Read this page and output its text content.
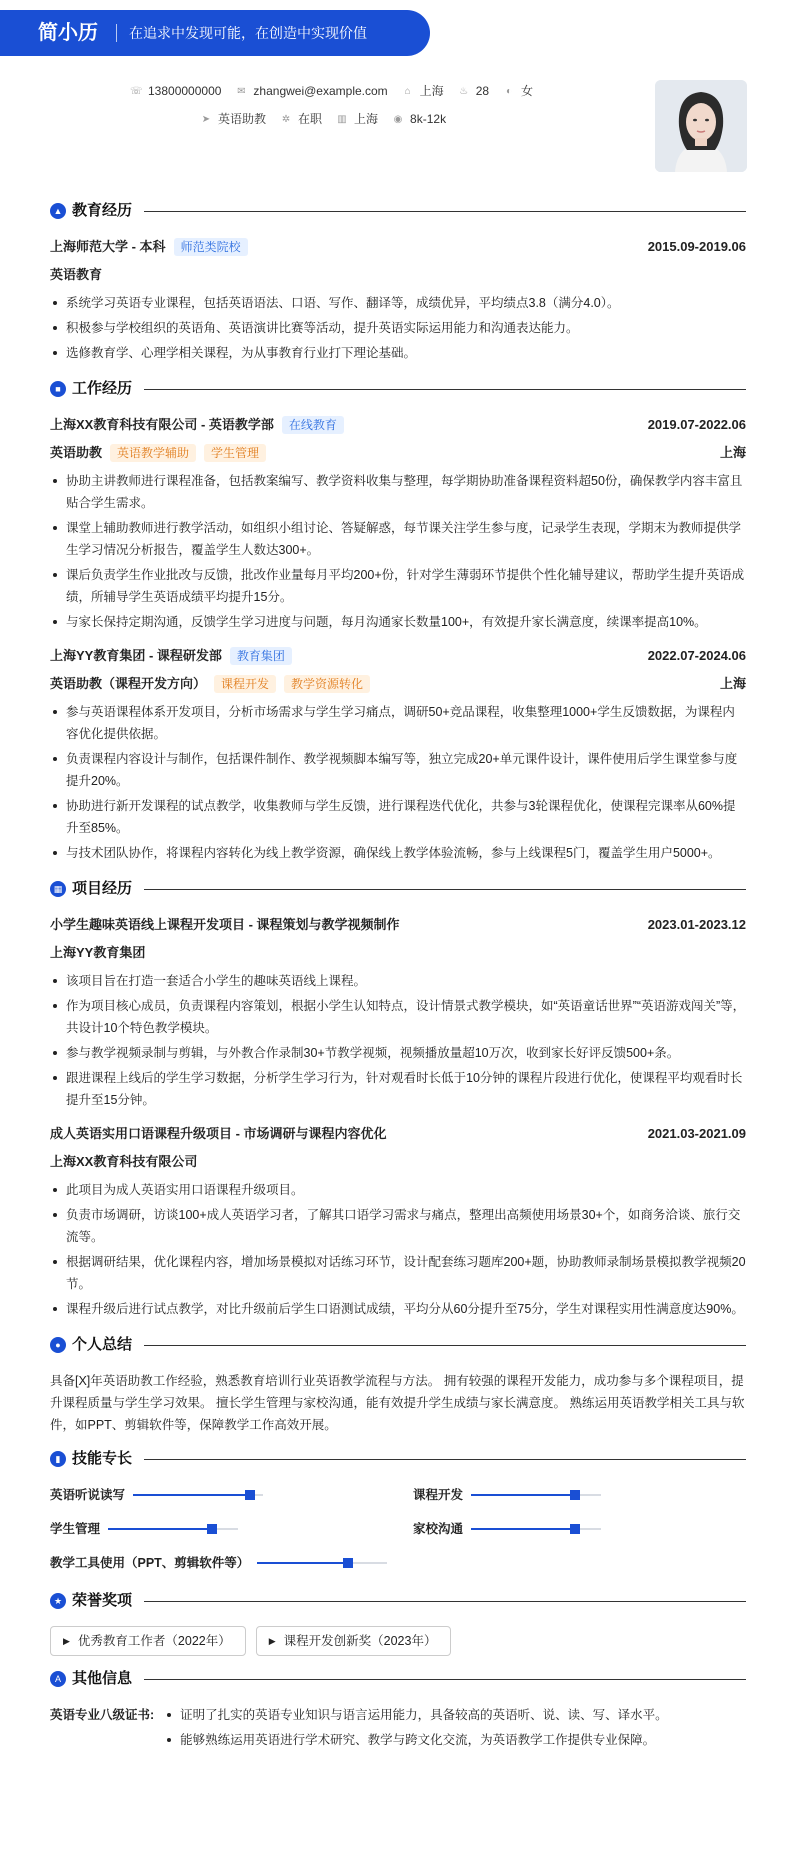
简小历	在追求中发现可能，在创造中实现价值
☏ 13800000000 ✉ zhangwei@example.com ⌂ 上海 ♨ 28 ◐ 女
➤ 英语助教 ✲ 在职 ▥ 上海 ◉ 8k-12k
▲ 教育经历
上海师范大学 - 本科	师范类院校	2015.09-2019.06
英语教育
系统学习英语专业课程，包括英语语法、口语、写作、翻译等，成绩优异，平均绩点3.8（满分4.0）。
积极参与学校组织的英语角、英语演讲比赛等活动，提升英语实际运用能力和沟通表达能力。
选修教育学、心理学相关课程，为从事教育行业打下理论基础。
■ 工作经历
上海XX教育科技有限公司 - 英语教学部	在线教育	2019.07-2022.06
英语助教	英语教学辅助	学生管理	上海
协助主讲教师进行课程准备，包括教案编写、教学资料收集与整理，每学期协助准备课程资料超50份，确保教学内容丰富且贴合学生需求。
课堂上辅助教师进行教学活动，如组织小组讨论、答疑解惑，每节课关注学生参与度，记录学生表现，学期末为教师提供学生学习情况分析报告，覆盖学生人数达300+。
课后负责学生作业批改与反馈，批改作业量每月平均200+份，针对学生薄弱环节提供个性化辅导建议，帮助学生提升英语成绩，所辅导学生英语成绩平均提升15分。
与家长保持定期沟通，反馈学生学习进度与问题，每月沟通家长数量100+，有效提升家长满意度，续课率提高10%。
上海YY教育集团 - 课程研发部	教育集团	2022.07-2024.06
英语助教（课程开发方向）	课程开发	教学资源转化	上海
参与英语课程体系开发项目，分析市场需求与学生学习痛点，调研50+竞品课程，收集整理1000+学生反馈数据，为课程内容优化提供依据。
负责课程内容设计与制作，包括课件制作、教学视频脚本编写等，独立完成20+单元课件设计，课件使用后学生课堂参与度提升20%。
协助进行新开发课程的试点教学，收集教师与学生反馈，进行课程迭代优化，共参与3轮课程优化，使课程完课率从60%提升至85%。
与技术团队协作，将课程内容转化为线上教学资源，确保线上教学体验流畅，参与上线课程5门，覆盖学生用户5000+。
▦ 项目经历
小学生趣味英语线上课程开发项目 - 课程策划与教学视频制作	2023.01-2023.12
上海YY教育集团
该项目旨在打造一套适合小学生的趣味英语线上课程。
作为项目核心成员，负责课程内容策划，根据小学生认知特点，设计情景式教学模块，如“英语童话世界”“英语游戏闯关”等，共设计10个特色教学模块。
参与教学视频录制与剪辑，与外教合作录制30+节教学视频，视频播放量超10万次，收到家长好评反馈500+条。
跟进课程上线后的学生学习数据，分析学生学习行为，针对观看时长低于10分钟的课程片段进行优化，使课程平均观看时长提升至15分钟。
成人英语实用口语课程升级项目 - 市场调研与课程内容优化	2021.03-2021.09
上海XX教育科技有限公司
此项目为成人英语实用口语课程升级项目。
负责市场调研，访谈100+成人英语学习者，了解其口语学习需求与痛点，整理出高频使用场景30+个，如商务洽谈、旅行交流等。
根据调研结果，优化课程内容，增加场景模拟对话练习环节，设计配套练习题库200+题，协助教师录制场景模拟教学视频20节。
课程升级后进行试点教学，对比升级前后学生口语测试成绩，平均分从60分提升至75分，学生对课程实用性满意度达90%。
● 个人总结

具备[X]年英语助教工作经验，熟悉教育培训行业英语教学流程与方法。 拥有较强的课程开发能力，成功参与多个课程项目，提升课程质量与学生学习效果。 擅长学生管理与家校沟通，能有效提升学生成绩与家长满意度。 熟练运用英语教学相关工具与软件，如PPT、剪辑软件等，保障教学工作高效开展。

▮ 技能专长
英语听说读写	课程开发
学生管理	家校沟通
教学工具使用（PPT、剪辑软件等）
★ 荣誉奖项
▶ 优秀教育工作者（2022年）	▶ 课程开发创新奖（2023年）
A 其他信息
英语专业八级证书:	证明了扎实的英语专业知识与语言运用能力，具备较高的英语听、说、读、写、译水平。
能够熟练运用英语进行学术研究、教学与跨文化交流，为英语教学工作提供专业保障。
